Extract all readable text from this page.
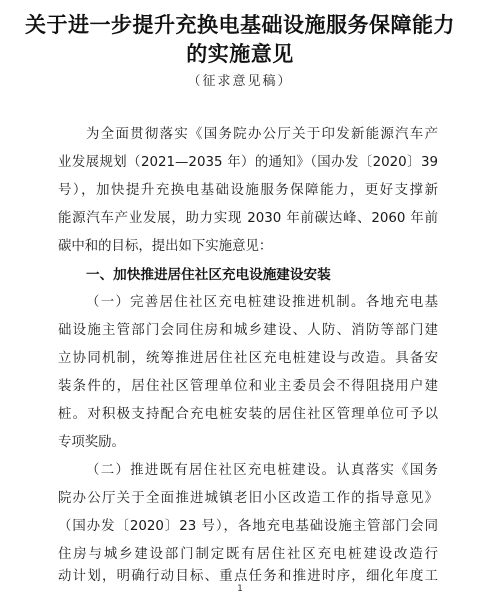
关于进一步提升充换电基础设施服务保障能力
的实施意见
（征求意见稿）
为全面贯彻落实《国务院办公厅关于印发新能源汽车产
业发展规划（2021—2035 年）的通知》（国办发〔2020〕39
号），加快提升充换电基础设施服务保障能力，更好支撑新
能源汽车产业发展，助力实现 2030 年前碳达峰、2060 年前
碳中和的目标，提出如下实施意见：
一、加快推进居住社区充电设施建设安装
（一）完善居住社区充电桩建设推进机制。各地充电基
础设施主管部门会同住房和城乡建设、人防、消防等部门建
立协同机制，统筹推进居住社区充电桩建设与改造。具备安
装条件的，居住社区管理单位和业主委员会不得阻挠用户建
桩。对积极支持配合充电桩安装的居住社区管理单位可予以
专项奖励。
（二）推进既有居住社区充电桩建设。认真落实《国务
院办公厅关于全面推进城镇老旧小区改造工作的指导意见》
（国办发〔2020〕23 号），各地充电基础设施主管部门会同
住房与城乡建设部门制定既有居住社区充电桩建设改造行
动计划，明确行动目标、重点任务和推进时序，细化年度工
1
